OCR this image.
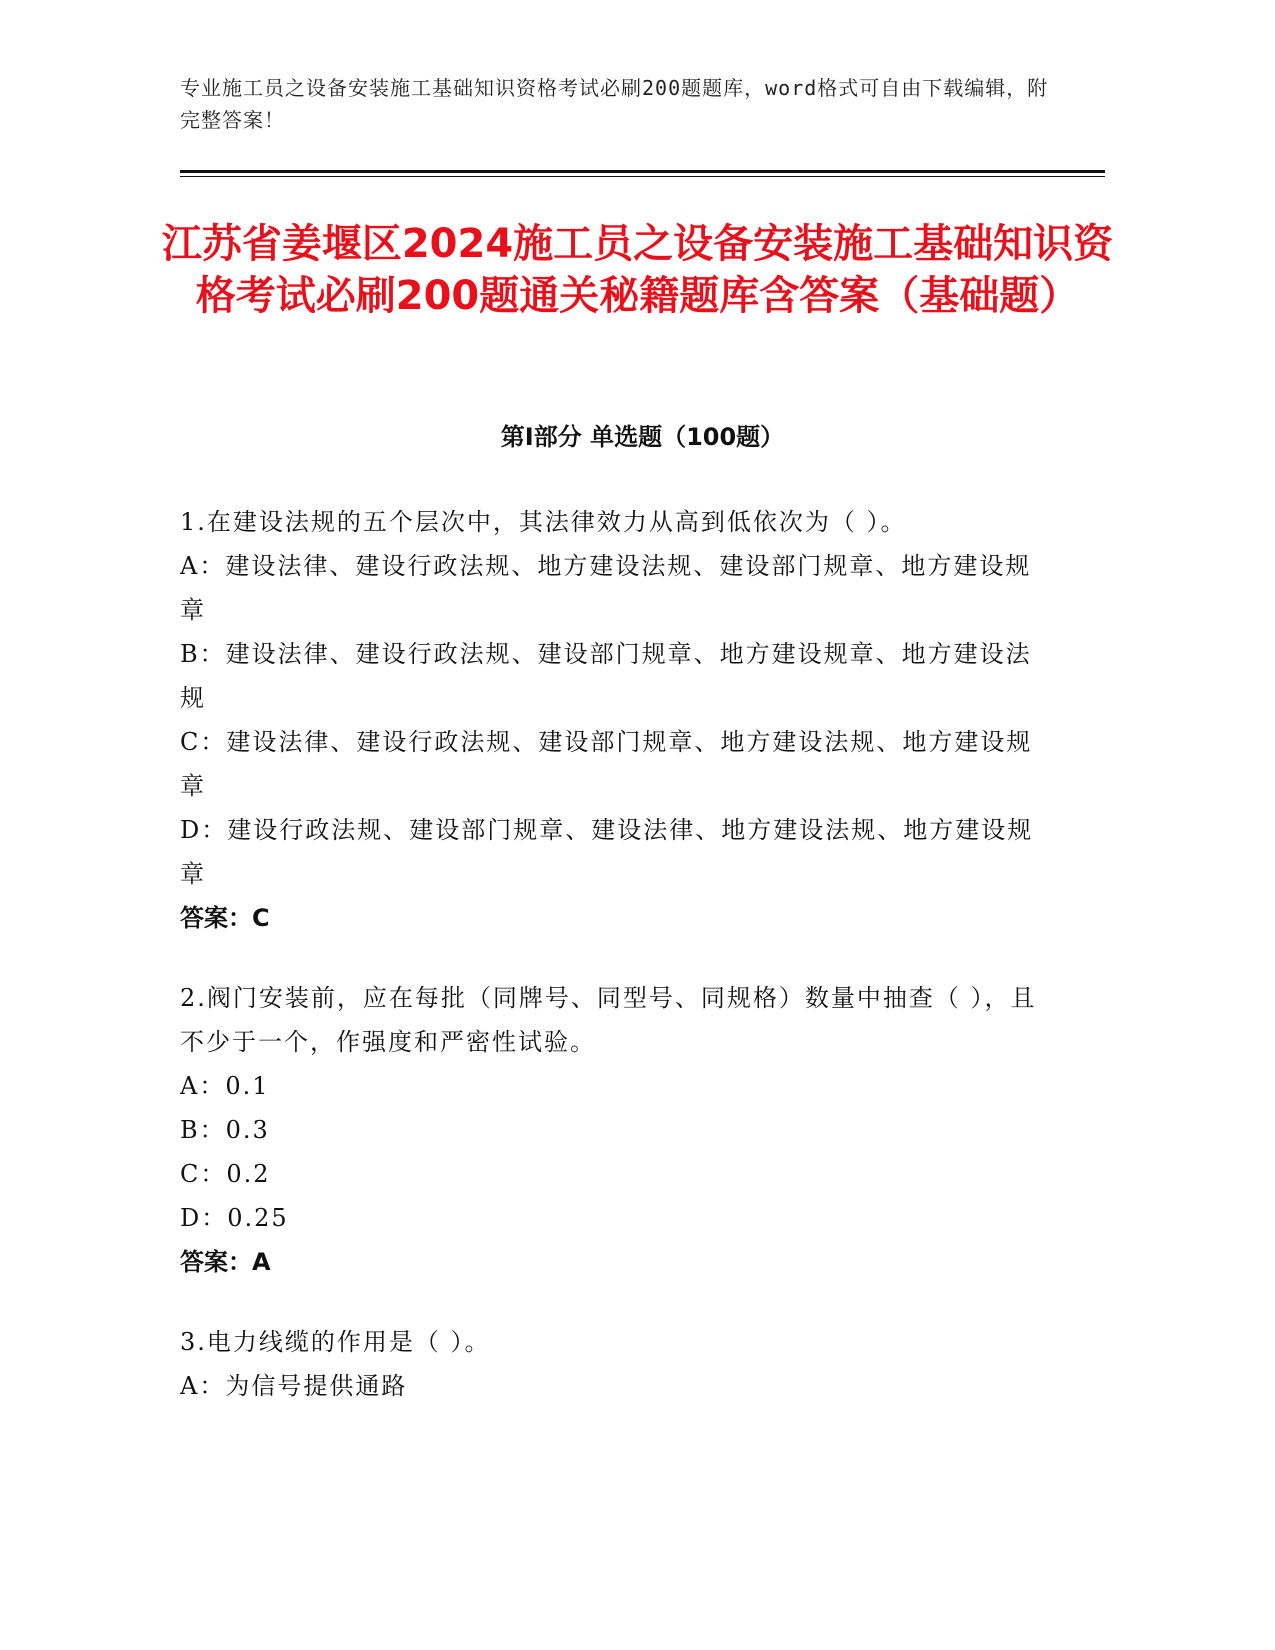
专业施工员之设备安装施工基础知识资格考试必刷200题题库，word格式可自由下载编辑，附完整答案！
江苏省姜堰区2024施工员之设备安装施工基础知识资格考试必刷200题通关秘籍题库含答案（基础题）
第Ⅰ部分 单选题（100题）
1.在建设法规的五个层次中，其法律效力从高到低依次为（ ）。
A：建设法律、建设行政法规、地方建设法规、建设部门规章、地方建设规章
B：建设法律、建设行政法规、建设部门规章、地方建设规章、地方建设法规
C：建设法律、建设行政法规、建设部门规章、地方建设法规、地方建设规章
D：建设行政法规、建设部门规章、建设法律、地方建设法规、地方建设规章
答案：C
2.阀门安装前，应在每批（同牌号、同型号、同规格）数量中抽查（ ），且不少于一个，作强度和严密性试验。
A：0.1
B：0.3
C：0.2
D：0.25
答案：A
3.电力线缆的作用是（ ）。
A：为信号提供通路
